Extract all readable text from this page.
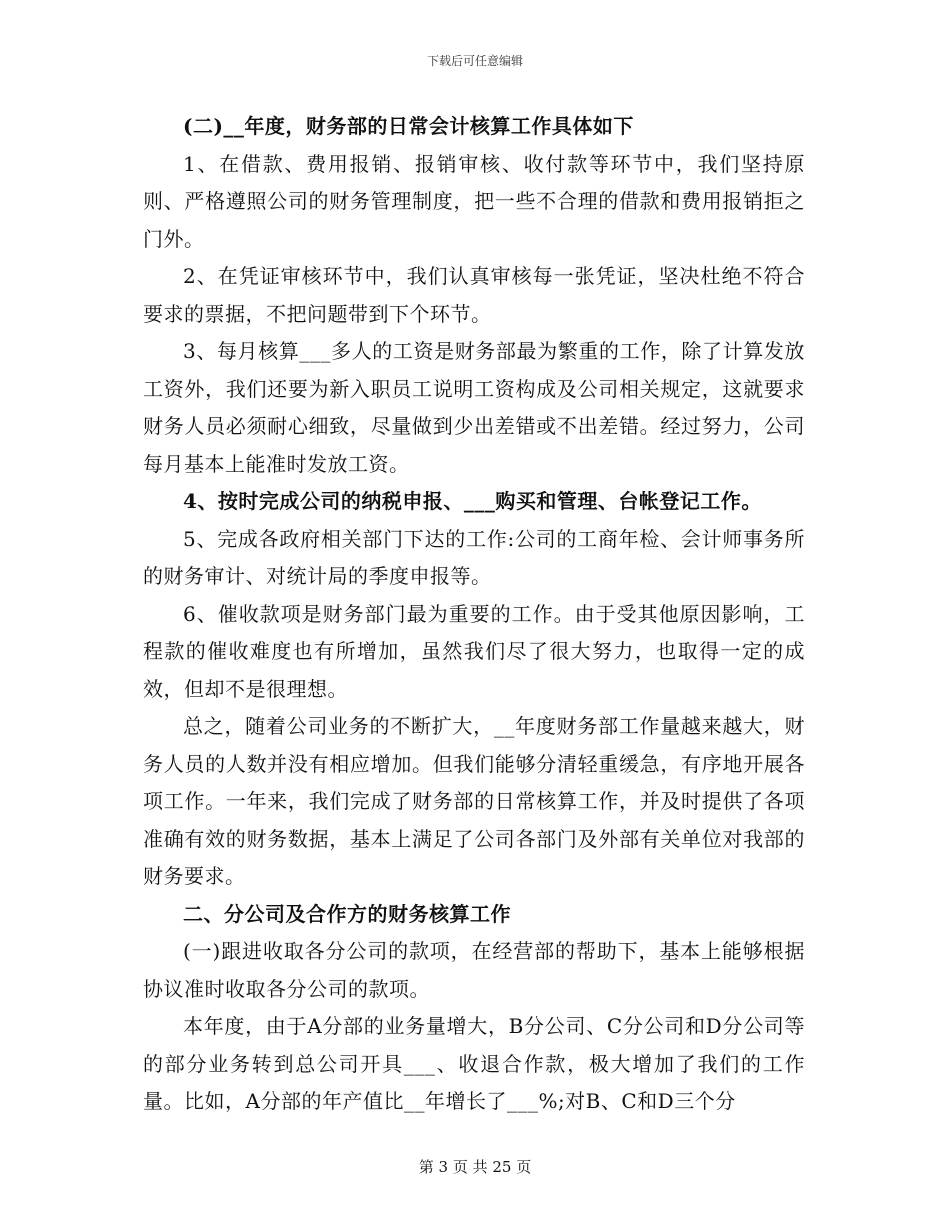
下载后可任意编辑

(二)__年度，财务部的日常会计核算工作具体如下

1、在借款、费用报销、报销审核、收付款等环节中，我们坚持原则、严格遵照公司的财务管理制度，把一些不合理的借款和费用报销拒之门外。

2、在凭证审核环节中，我们认真审核每一张凭证，坚决杜绝不符合要求的票据，不把问题带到下个环节。

3、每月核算___多人的工资是财务部最为繁重的工作，除了计算发放工资外，我们还要为新入职员工说明工资构成及公司相关规定，这就要求财务人员必须耐心细致，尽量做到少出差错或不出差错。经过努力，公司每月基本上能准时发放工资。

4、按时完成公司的纳税申报、___购买和管理、台帐登记工作。

5、完成各政府相关部门下达的工作:公司的工商年检、会计师事务所的财务审计、对统计局的季度申报等。

6、催收款项是财务部门最为重要的工作。由于受其他原因影响，工程款的催收难度也有所增加，虽然我们尽了很大努力，也取得一定的成效，但却不是很理想。

总之，随着公司业务的不断扩大，__年度财务部工作量越来越大，财务人员的人数并没有相应增加。但我们能够分清轻重缓急，有序地开展各项工作。一年来，我们完成了财务部的日常核算工作，并及时提供了各项准确有效的财务数据，基本上满足了公司各部门及外部有关单位对我部的财务要求。

二、分公司及合作方的财务核算工作

(一)跟进收取各分公司的款项，在经营部的帮助下，基本上能够根据协议准时收取各分公司的款项。

本年度，由于A分部的业务量增大，B分公司、C分公司和D分公司等的部分业务转到总公司开具___、收退合作款，极大增加了我们的工作量。比如，A分部的年产值比__年增长了___%;对B、C和D三个分

第 3 页 共 25 页
